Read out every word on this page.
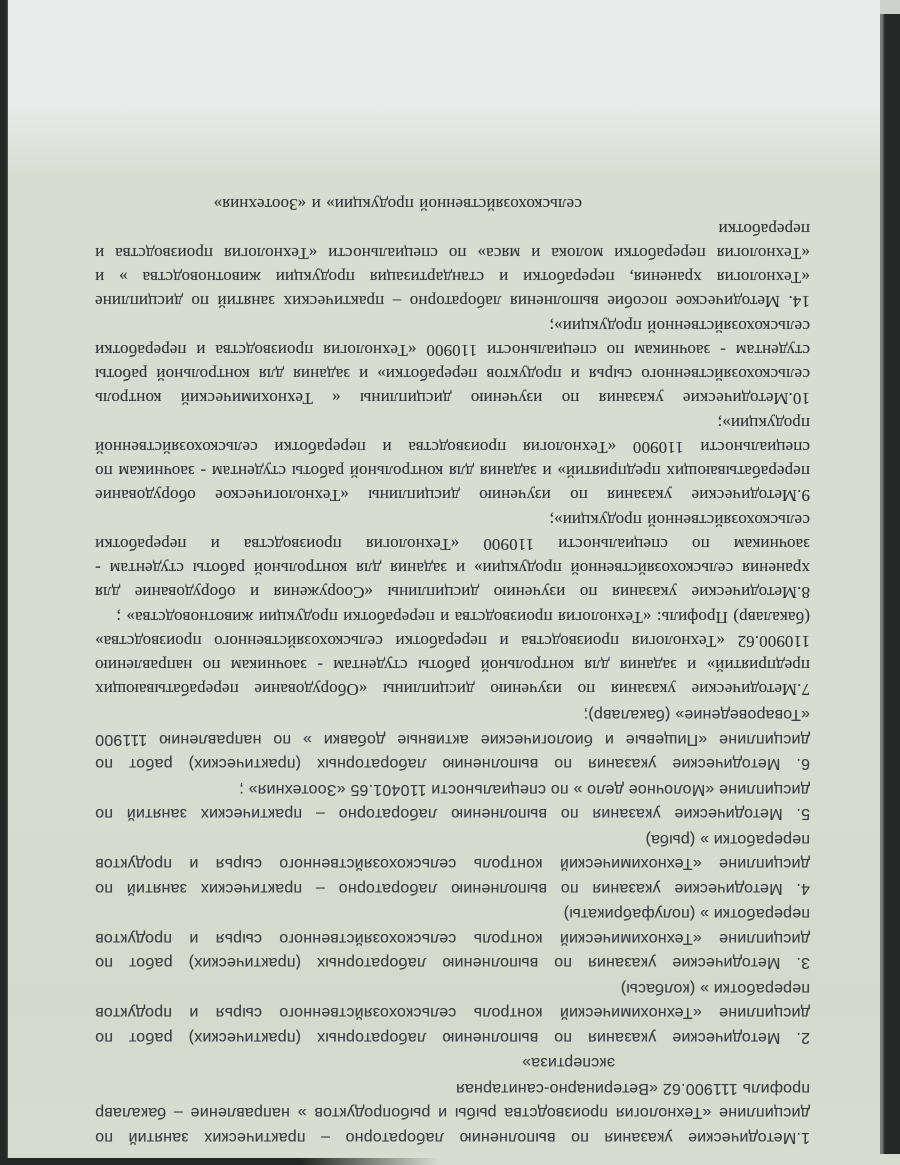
1.Методические указания по выполнению лабораторно – практических занятий по дисциплине «Технология производства рыбы и рыбопродуктов » направление – бакалавр профиль 111900.62 «Ветеринарно-санитарная
экспертиза»
2. Методические указания по выполнению лабораторных (практических) работ по дисциплине «Технохимический контроль сельскохозяйственного сырья и продуктов переработки » (колбасы)
3. Методические указания по выполнению лабораторных (практических) работ по дисциплине «Технохимический контроль сельскохозяйственного сырья и продуктов переработки » (полуфабрикаты)
4. Методические указания по выполнению лабораторно – практических занятий по дисциплине «Технохимический контроль сельскохозяйственного сырья и продуктов переработки » (рыба)
5. Методические указания по выполнению лабораторно – практических занятий по дисциплине «Молочное дело » по специальности 110401.65 «Зоотехния» ;
6. Методические указания по выполнению лабораторных (практических) работ по дисциплине «Пищевые и биологические активные добавки » по направлению 111900 «Товароведение» (бакалавр);
7.Методические указания по изучению дисциплины «Оборудование перерабатывающих предприятий» и задания для контрольной работы студентам - заочникам по направлению 110900.62 «Технология производства и переработки сельскохозяйственного производства» (бакалавр) Профиль: «Технология производства и переработки продукции животноводства» ;
8.Методические указания по изучению дисциплины «Сооружения и оборудование для хранения сельскохозяйственной продукции» и задания для контрольной работы студентам - заочникам по специальности 110900 «Технология производства и переработки сельскохозяйственной продукции»;
9.Методические указания по изучению дисциплины «Технологическое оборудование перерабатывающих предприятий» и задания для контрольной работы студентам - заочникам по специальности 110900 «Технология производства и переработки сельскохозяйственной продукции»;
10.Методические указания по изучению дисциплины « Технохимический контроль сельскохозяйственного сырья и продуктов переработки» и задания для контрольной работы студентам - заочникам по специальности 110900 «Технология производства и переработки сельскохозяйственной продукции»;
14. Методическое пособие выполнения лабораторно – практических занятий по дисциплине «Технология хранения, переработки и стандартизация продукции животноводства » и «Технология переработки молока и мяса» по специальности «Технология производства и переработки
сельскохозяйственной продукции» и «Зоотехния»
